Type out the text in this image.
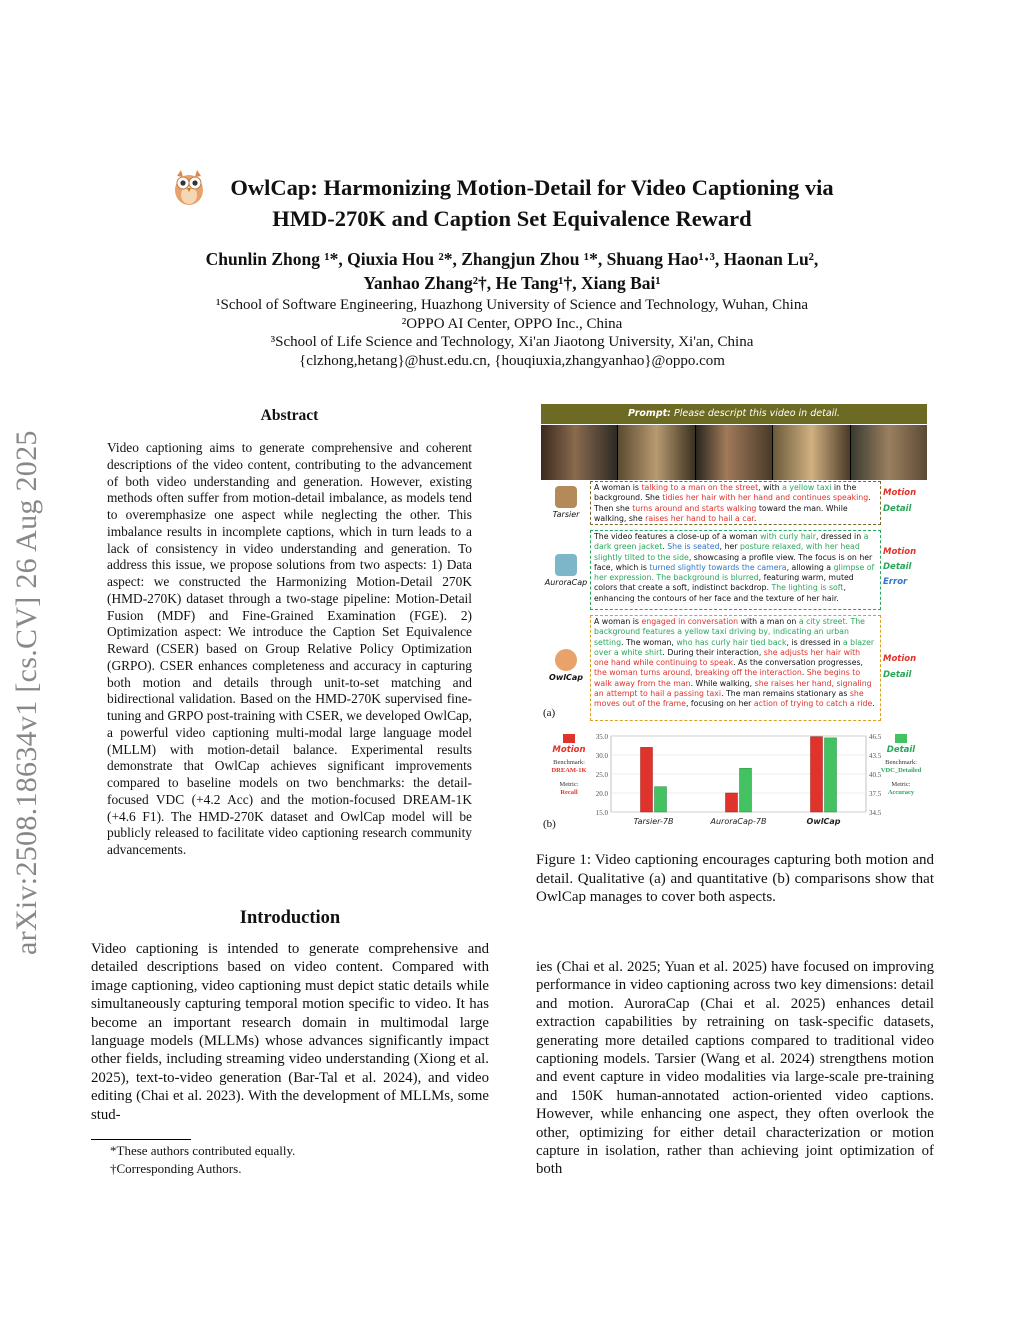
arXiv:2508.18634v1 [cs.CV] 26 Aug 2025
OwlCap: Harmonizing Motion-Detail for Video Captioning via
HMD-270K and Caption Set Equivalence Reward
Chunlin Zhong ¹*, Qiuxia Hou ²*, Zhangjun Zhou ¹*, Shuang Hao¹·³, Haonan Lu²,
Yanhao Zhang²†, He Tang¹†, Xiang Bai¹
¹School of Software Engineering, Huazhong University of Science and Technology, Wuhan, China
²OPPO AI Center, OPPO Inc., China
³School of Life Science and Technology, Xi'an Jiaotong University, Xi'an, China
{clzhong,hetang}@hust.edu.cn, {houqiuxia,zhangyanhao}@oppo.com
Abstract
Video captioning aims to generate comprehensive and coherent descriptions of the video content, contributing to the advancement of both video understanding and generation. However, existing methods often suffer from motion-detail imbalance, as models tend to overemphasize one aspect while neglecting the other. This imbalance results in incomplete captions, which in turn leads to a lack of consistency in video understanding and generation. To address this issue, we propose solutions from two aspects: 1) Data aspect: we constructed the Harmonizing Motion-Detail 270K (HMD-270K) dataset through a two-stage pipeline: Motion-Detail Fusion (MDF) and Fine-Grained Examination (FGE). 2) Optimization aspect: We introduce the Caption Set Equivalence Reward (CSER) based on Group Relative Policy Optimization (GRPO). CSER enhances completeness and accuracy in capturing both motion and details through unit-to-set matching and bidirectional validation. Based on the HMD-270K supervised fine-tuning and GRPO post-training with CSER, we developed OwlCap, a powerful video captioning multi-modal large language model (MLLM) with motion-detail balance. Experimental results demonstrate that OwlCap achieves significant improvements compared to baseline models on two benchmarks: the detail-focused VDC (+4.2 Acc) and the motion-focused DREAM-1K (+4.6 F1). The HMD-270K dataset and OwlCap model will be publicly released to facilitate video captioning research community advancements.
Introduction
Video captioning is intended to generate comprehensive and detailed descriptions based on video content. Compared with image captioning, video captioning must depict static details while simultaneously capturing temporal motion specific to video. It has become an important research domain in multimodal large language models (MLLMs) whose advances significantly impact other fields, including streaming video understanding (Xiong et al. 2025), text-to-video generation (Bar-Tal et al. 2024), and video editing (Chai et al. 2023). With the development of MLLMs, some stud-
ies (Chai et al. 2025; Yuan et al. 2025) have focused on improving performance in video captioning across two key dimensions: detail and motion. AuroraCap (Chai et al. 2025) enhances detail extraction capabilities by retraining on task-specific datasets, generating more detailed captions compared to traditional video captioning models. Tarsier (Wang et al. 2024) strengthens motion and event capture in video modalities via large-scale pre-training and 150K human-annotated action-oriented video captions. However, while enhancing one aspect, they often overlook the other, optimizing for either detail characterization or motion capture in isolation, rather than achieving joint optimization of both
*These authors contributed equally.
†Corresponding Authors.
Prompt: Please descript this video in detail.
Tarsier
A woman is talking to a man on the street, with a yellow taxi in the background. She tidies her hair with her hand and continues speaking. Then she turns around and starts walking toward the man. While walking, she raises her hand to hail a car.
Motion
Detail
AuroraCap
The video features a close-up of a woman with curly hair, dressed in a dark green jacket. She is seated, her posture relaxed, with her head slightly tilted to the side, showcasing a profile view. The focus is on her face, which is turned slightly towards the camera, allowing a glimpse of her expression. The background is blurred, featuring warm, muted colors that create a soft, indistinct backdrop. The lighting is soft, enhancing the contours of her face and the texture of her hair.
Motion
Detail
Error
OwlCap
A woman is engaged in conversation with a man on a city street. The background features a yellow taxi driving by, indicating an urban setting. The woman, who has curly hair tied back, is dressed in a blazer over a white shirt. During their interaction, she adjusts her hair with one hand while continuing to speak. As the conversation progresses, the woman turns around, breaking off the interaction. She begins to walk away from the man. While walking, she raises her hand, signaling an attempt to hail a passing taxi. The man remains stationary as she moves out of the frame, focusing on her action of trying to catch a ride.
Motion
Detail
(a)
15.0
20.0
25.0
30.0
35.0
34.5
37.5
40.5
43.5
46.5
Tarsier-7B	AuroraCap-7B	OwlCap
Motion
Benchmark:
DREAM-1K
Metric:
Recall
Detail
Benchmark:
VDC_Detailed
Metric:
Accuracy
(b)
Figure 1: Video captioning encourages capturing both motion and detail. Qualitative (a) and quantitative (b) comparisons show that OwlCap manages to cover both aspects.
